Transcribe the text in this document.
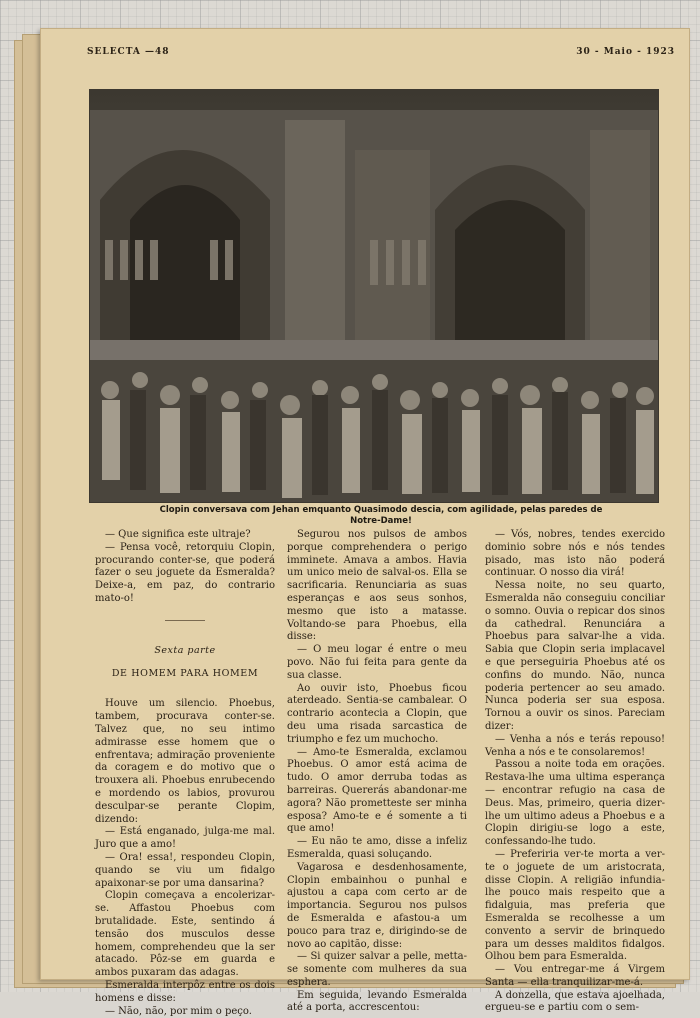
SELECTA —48	30 - Maio - 1923
Clopin conversava com Jehan emquanto Quasimodo descia, com agilidade, pelas paredes de Notre-Dame!

— Que significa este ultraje?

— Pensa você, retorquiu Clopin, procurando conter-se, que poderá fazer o seu joguete da Esmeralda? Deixe-a, em paz, do contrario mato-o!

Sexta parte

DE HOMEM PARA HOMEM

Houve um silencio. Phoebus, tambem, procurava conter-se. Talvez que, no seu intimo admirasse esse homem que o enfrentava; admiração proveniente da coragem e do motivo que o trouxera ali. Phoebus enrubecendo e mordendo os labios, provurou desculpar-se perante Clopim, dizendo:

— Está enganado, julga-me mal. Juro que a amo!

— Ora! essa!, respondeu Clopin, quando se viu um fidalgo apaixonar-se por uma dansarina?

Clopin começava a encolerizar-se. Affastou Phoebus com brutalidade. Este, sentindo á tensão dos musculos desse homem, comprehendeu que la ser atacado. Pôz-se em guarda e ambos puxaram das adagas.

Esmeralda interpôz entre os dois homens e disse:

— Não, não, por mim o peço.

Segurou nos pulsos de ambos porque comprehendera o perigo imminete. Amava a ambos. Havia um unico meio de salval-os. Ella se sacrificaria. Renunciaria as suas esperanças e aos seus sonhos, mesmo que isto a matasse. Voltando-se para Phoebus, ella disse:

— O meu logar é entre o meu povo. Não fui feita para gente da sua classe.

Ao ouvir isto, Phoebus ficou aterdeado. Sentia-se cambalear. O contrario acontecia a Clopin, que deu uma risada sarcastica de triumpho e fez um muchocho.

— Amo-te Esmeralda, exclamou Phoebus. O amor está acima de tudo. O amor derruba todas as barreiras. Quererás abandonar-me agora? Não prometteste ser minha esposa? Amo-te e é somente a ti que amo!

— Eu não te amo, disse a infeliz Esmeralda, quasi soluçando.

Vagarosa e desdenhosamente, Clopin embainhou o punhal e ajustou a capa com certo ar de importancia. Segurou nos pulsos de Esmeralda e afastou-a um pouco para traz e, dirigindo-se de novo ao capitão, disse:

— Si quizer salvar a pelle, metta-se somente com mulheres da sua esphera.

Em seguida, levando Esmeralda até a porta, accrescentou:

— Vós, nobres, tendes exercido dominio sobre nós e nós tendes pisado, mas isto não poderá continuar. O nosso dia virá!

Nessa noite, no seu quarto, Esmeralda não conseguiu conciliar o somno. Ouvia o repicar dos sinos da cathedral. Renunciára a Phoebus para salvar-lhe a vida. Sabia que Clopin seria implacavel e que perseguiria Phoebus até os confins do mundo. Não, nunca poderia pertencer ao seu amado. Nunca poderia ser sua esposa. Tornou a ouvir os sinos. Pareciam dizer:

— Venha a nós e terás repouso! Venha a nós e te consolaremos!

Passou a noite toda em orações. Restava-lhe uma ultima esperança — encontrar refugio na casa de Deus. Mas, primeiro, queria dizer-lhe um ultimo adeus a Phoebus e a Clopin dirigiu-se logo a este, confessando-lhe tudo.

— Preferiria ver-te morta a ver-te o joguete de um aristocrata, disse Clopin. A religião infundia-lhe pouco mais respeito que a fidalguia, mas preferia que Esmeralda se recolhesse a um convento a servir de brinquedo para um desses malditos fidalgos. Olhou bem para Esmeralda.

— Vou entregar-me á Virgem Santa — ella tranquilizar-me-á.

A donzella, que estava ajoelhada, ergueu-se e partiu com o sem-
